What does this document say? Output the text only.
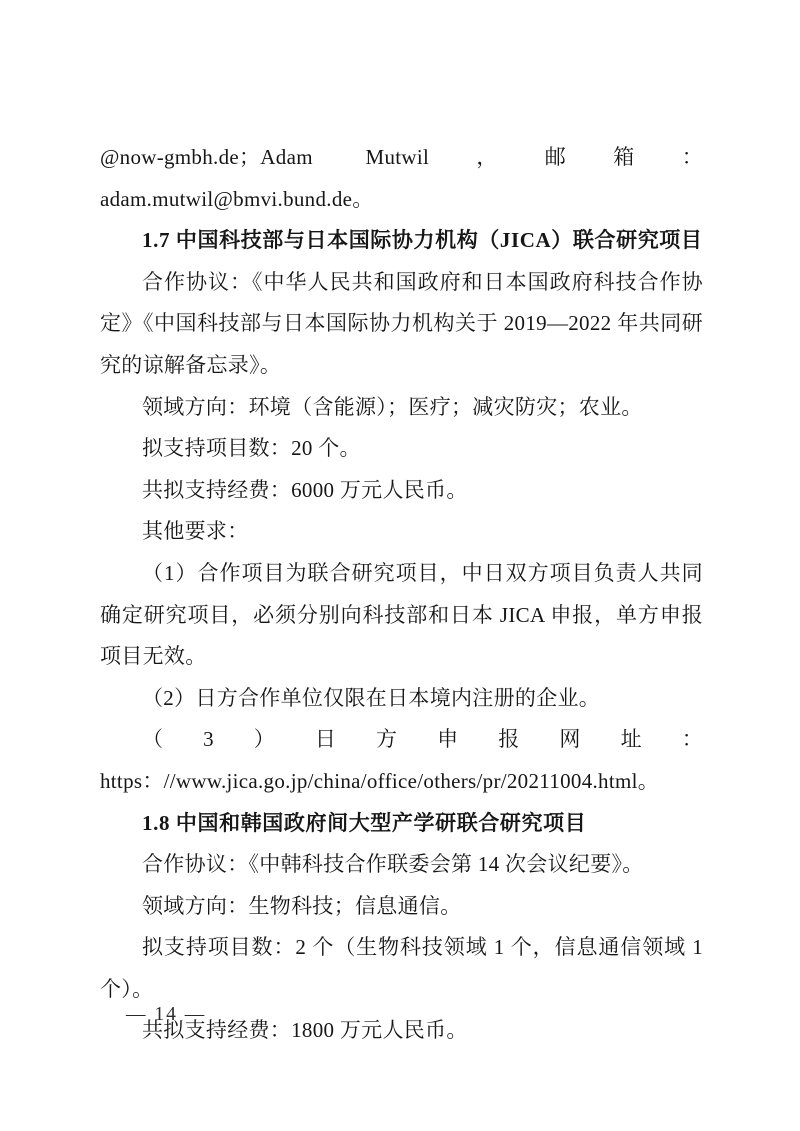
@now-gmbh.de；Adam Mutwil，邮箱：adam.mutwil@bmvi.bund.de。

1.7 中国科技部与日本国际协力机构（JICA）联合研究项目

合作协议：《中华人民共和国政府和日本国政府科技合作协定》《中国科技部与日本国际协力机构关于 2019—2022 年共同研究的谅解备忘录》。

领域方向：环境（含能源）；医疗；减灾防灾；农业。

拟支持项目数：20 个。

共拟支持经费：6000 万元人民币。

其他要求：

（1）合作项目为联合研究项目，中日双方项目负责人共同确定研究项目，必须分别向科技部和日本 JICA 申报，单方申报项目无效。

（2）日方合作单位仅限在日本境内注册的企业。

（3）日方申报网址：https：//www.jica.go.jp/china/office/others/pr/20211004.html。

1.8 中国和韩国政府间大型产学研联合研究项目

合作协议：《中韩科技合作联委会第 14 次会议纪要》。

领域方向：生物科技；信息通信。

拟支持项目数：2 个（生物科技领域 1 个，信息通信领域 1 个）。

共拟支持经费：1800 万元人民币。

— 14 —
